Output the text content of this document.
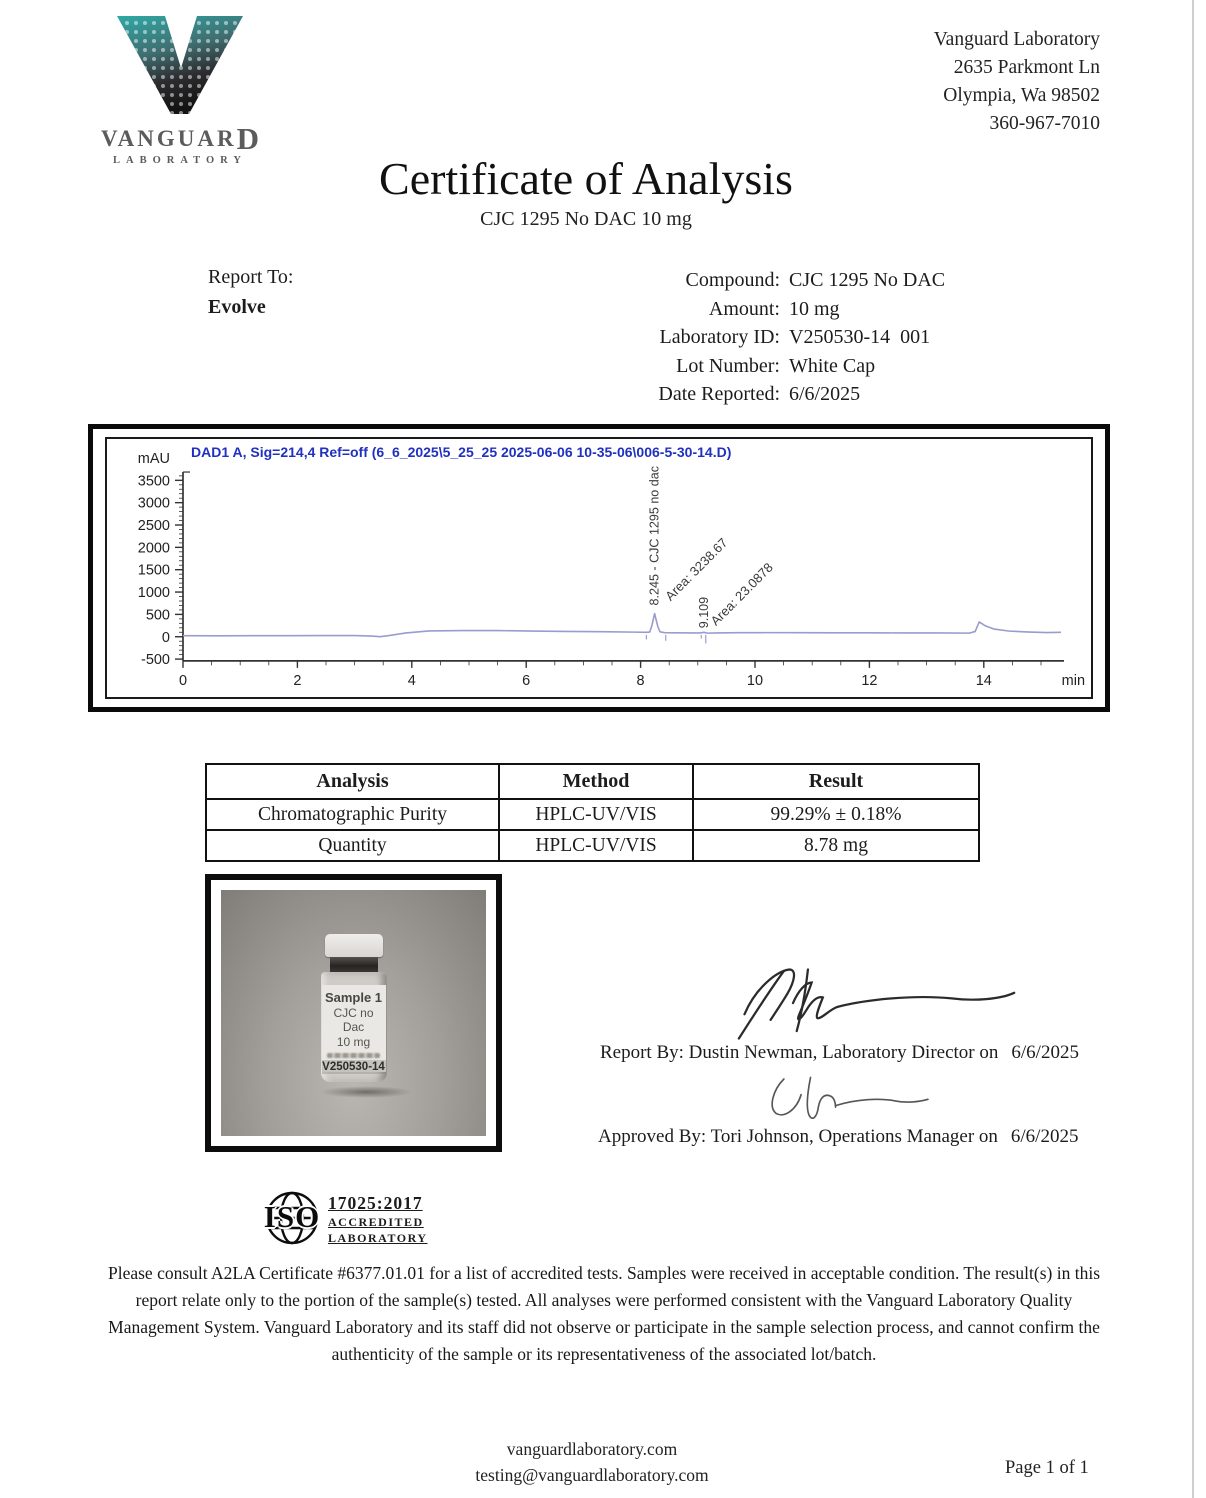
VANGUARD
LABORATORY
Vanguard Laboratory
2635 Parkmont Ln
Olympia, Wa 98502
360-967-7010
Certificate of Analysis
CJC 1295 No DAC 10 mg
Report To:
Evolve
Compound: CJC 1295 No DAC
Amount: 10 mg
Laboratory ID: V250530-14  001
Lot Number: White Cap
Date Reported: 6/6/2025
DAD1 A, Sig=214,4 Ref=off (6_6_2025\5_25_25 2025-06-06 10-35-06\006-5-30-14.D)
-500
0
500
1000
1500
2000
2500
3000
3500
mAU
0	2	4	6	8	10	12	14	min
8.245 - CJC 1295 no dac Area: 3238.67
9.109
Area: 23.0878
Analysis	Method	Result
Chromatographic Purity	HPLC-UV/VIS	99.29% ± 0.18%
Quantity	HPLC-UV/VIS	8.78 mg
Sample 1
CJC no Dac
10 mg
V250530-14
Report By: Dustin Newman, Laboratory Director on 6/6/2025
Approved By: Tori Johnson, Operations Manager on 6/6/2025
ISO 17025:2017
ACCREDITED
LABORATORY
Please consult A2LA Certificate #6377.01.01 for a list of accredited tests. Samples were received in acceptable condition. The result(s) in this report relate only to the portion of the sample(s) tested. All analyses were performed consistent with the Vanguard Laboratory Quality Management System. Vanguard Laboratory and its staff did not observe or participate in the sample selection process, and cannot confirm the authenticity of the sample or its representativeness of the associated lot/batch.
vanguardlaboratory.com
testing@vanguardlaboratory.com	Page 1 of 1
